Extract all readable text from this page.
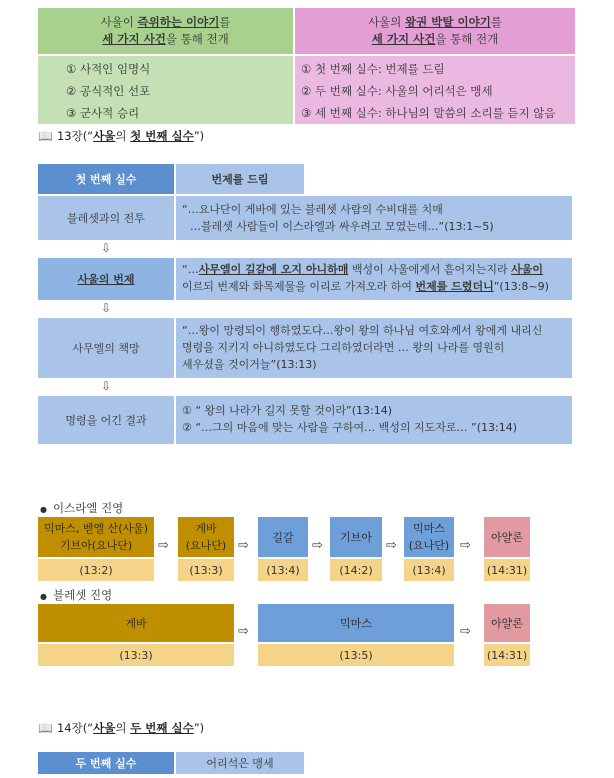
사울이 즉위하는 이야기를
세 가지 사건을 통해 전개
사울의 왕권 박탈 이야기를
세 가지 사건을 통해 전개
① 사적인 임명식
② 공식적인 선포
③ 군사적 승리
① 첫 번째 실수: 번제를 드림
② 두 번째 실수: 사울의 어리석은 맹세
③ 세 번째 실수: 하나님의 말씀의 소리를 듣지 않음
📖 13장(“사울의 첫 번째 실수”)
첫 번째 실수	번제를 드림
블레셋과의 전투
“…요나단이 게바에 있는 블레셋 사람의 수비대를 치매
…블레셋 사람들이 이스라엘과 싸우려고 모였는데…”(13:1~5)
⇩
사울의 번제
“…사무엘이 길갈에 오지 아니하매 백성이 사울에게서 흩어지는지라 사울이
이르되 번제와 화목제물을 이리로 가져오라 하여 번제를 드렸더니”(13:8~9)
⇩
사무엘의 책망
“…왕이 망령되이 행하였도다…왕이 왕의 하나님 여호와께서 왕에게 내리신
명령을 지키지 아니하였도다 그리하였더라면 … 왕의 나라를 영원히
세우셨을 것이거늘”(13:13)
⇩
명령을 어긴 결과
① “ 왕의 나라가 길지 못할 것이라”(13:14)
② “…그의 마음에 맞는 사람을 구하여… 백성의 지도자로… ”(13:14)
● 이스라엘 진영
믹마스, 벧엘 산(사울)
기브아(요나단)
(13:2)
⇨
게바
(요나단)
(13:3)
⇨
길갈
(13:4)
⇨
기브아
(14:2)
⇨
믹마스
(요나단)
(13:4)
⇨
아얄론
(14:31)
● 블레셋 진영
게바
(13:3)
⇨
믹마스
(13:5)
⇨
아얄론
(14:31)
📖 14장(“사울의 두 번째 실수”)
두 번째 실수	어리석은 맹세
